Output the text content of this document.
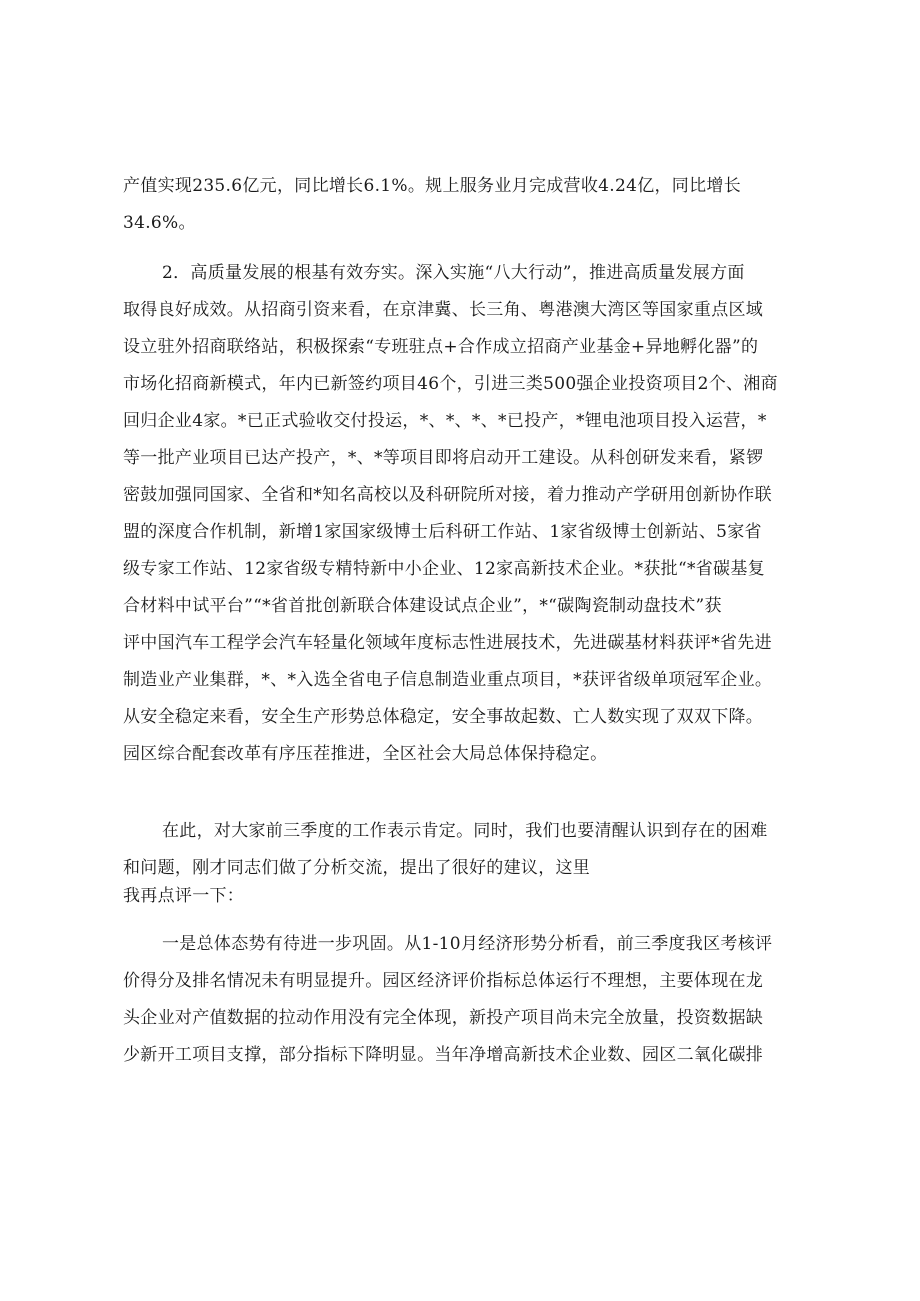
产值实现235.6亿元，同比增长6.1%。规上服务业月完成营收4.24亿，同比增长
34.6%。
2．高质量发展的根基有效夯实。深入实施“八大行动”，推进高质量发展方面
取得良好成效。从招商引资来看，在京津冀、长三角、粤港澳大湾区等国家重点区域
设立驻外招商联络站，积极探索“专班驻点+合作成立招商产业基金+异地孵化器”的
市场化招商新模式，年内已新签约项目46个，引进三类500强企业投资项目2个、湘商
回归企业4家。*已正式验收交付投运，*、*、*、*已投产，*锂电池项目投入运营，*
等一批产业项目已达产投产，*、*等项目即将启动开工建设。从科创研发来看，紧锣
密鼓加强同国家、全省和*知名高校以及科研院所对接，着力推动产学研用创新协作联
盟的深度合作机制，新增1家国家级博士后科研工作站、1家省级博士创新站、5家省
级专家工作站、12家省级专精特新中小企业、12家高新技术企业。*获批“*省碳基复
合材料中试平台”“*省首批创新联合体建设试点企业”，*“碳陶瓷制动盘技术”获
评中国汽车工程学会汽车轻量化领域年度标志性进展技术，先进碳基材料获评*省先进
制造业产业集群，*、*入选全省电子信息制造业重点项目，*获评省级单项冠军企业。
从安全稳定来看，安全生产形势总体稳定，安全事故起数、亡人数实现了双双下降。
园区综合配套改革有序压茬推进，全区社会大局总体保持稳定。
在此，对大家前三季度的工作表示肯定。同时，我们也要清醒认识到存在的困难
和问题，刚才同志们做了分析交流，提出了很好的建议，这里
我再点评一下：
一是总体态势有待进一步巩固。从1-10月经济形势分析看，前三季度我区考核评
价得分及排名情况未有明显提升。园区经济评价指标总体运行不理想，主要体现在龙
头企业对产值数据的拉动作用没有完全体现，新投产项目尚未完全放量，投资数据缺
少新开工项目支撑，部分指标下降明显。当年净增高新技术企业数、园区二氧化碳排
